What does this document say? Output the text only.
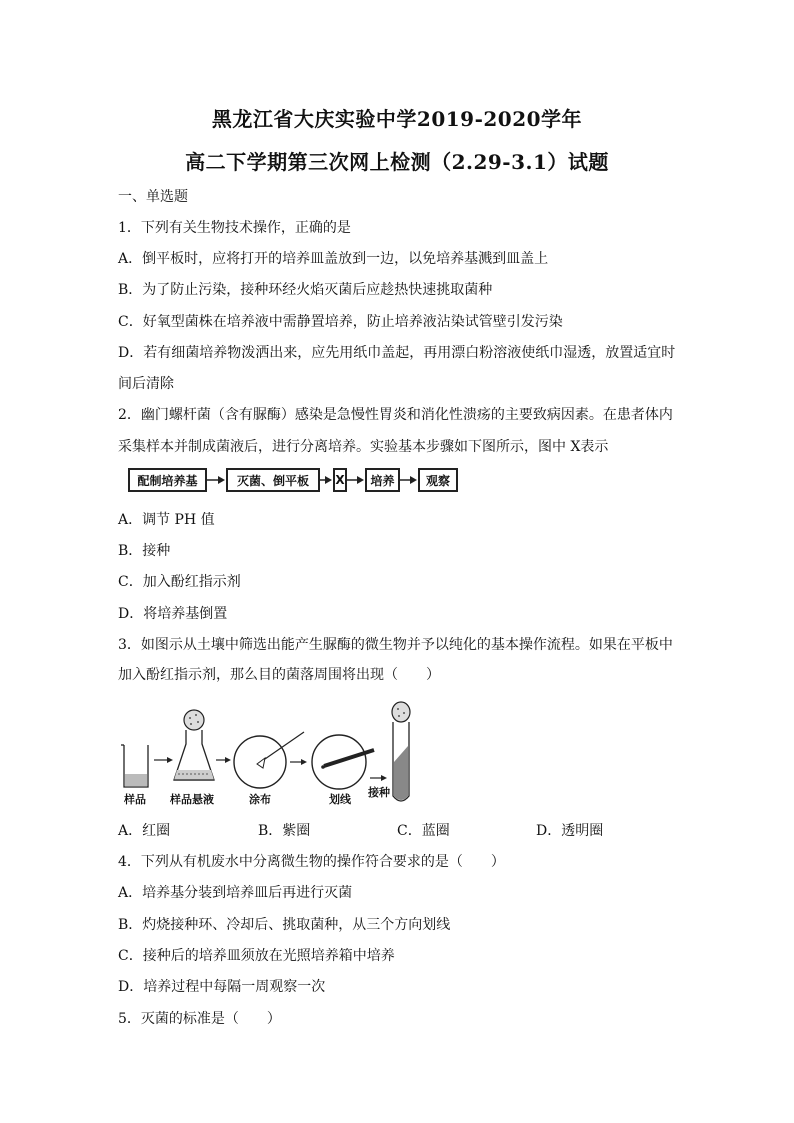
黑龙江省大庆实验中学2019-2020学年
高二下学期第三次网上检测（2.29-3.1）试题
一、单选题
1．下列有关生物技术操作，正确的是
A．倒平板时，应将打开的培养皿盖放到一边，以免培养基溅到皿盖上
B．为了防止污染，接种环经火焰灭菌后应趁热快速挑取菌种
C．好氧型菌株在培养液中需静置培养，防止培养液沾染试管壁引发污染
D．若有细菌培养物泼洒出来，应先用纸巾盖起，再用漂白粉溶液使纸巾湿透，放置适宜时
间后清除
2．幽门螺杆菌（含有脲酶）感染是急慢性胃炎和消化性溃疡的主要致病因素。在患者体内
采集样本并制成菌液后，进行分离培养。实验基本步骤如下图所示，图中 X表示
配制培养基	灭菌、倒平板	X	培养	观察
A．调节 PH 值
B．接种
C．加入酚红指示剂
D．将培养基倒置
3．如图示从土壤中筛选出能产生脲酶的微生物并予以纯化的基本操作流程。如果在平板中
加入酚红指示剂，那么目的菌落周围将出现（　　）
样品 样品悬液	涂布	划线
接种
A．红圈	B．紫圈	C．蓝圈	D．透明圈
4．下列从有机废水中分离微生物的操作符合要求的是（　　）
A．培养基分装到培养皿后再进行灭菌
B．灼烧接种环、冷却后、挑取菌种，从三个方向划线
C．接种后的培养皿须放在光照培养箱中培养
D．培养过程中每隔一周观察一次
5．灭菌的标准是（　　）
